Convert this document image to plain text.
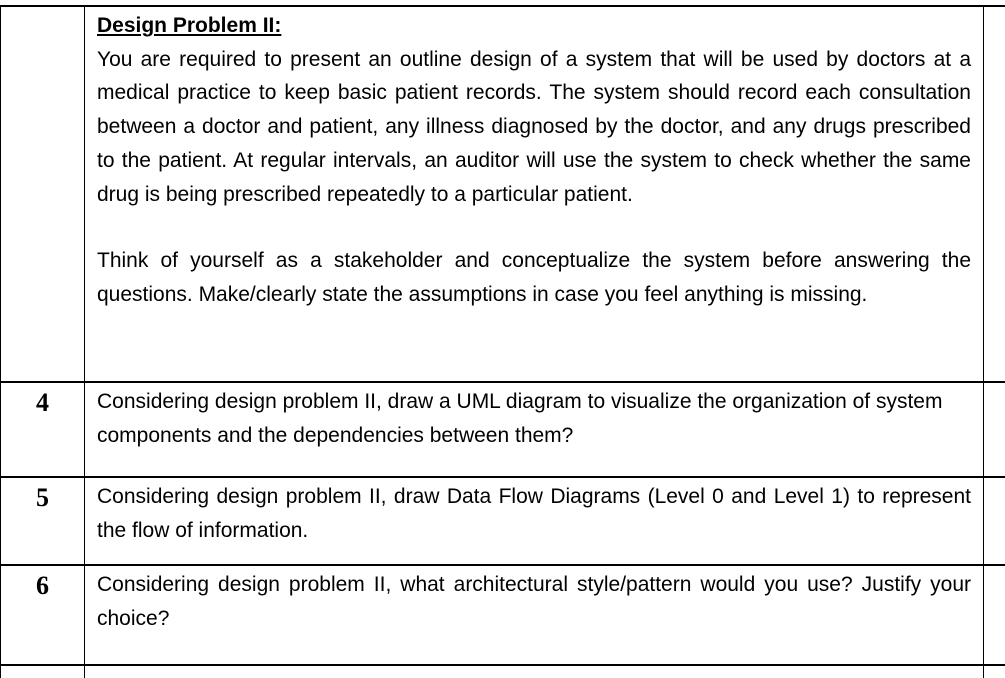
	Design Problem II:

You are required to present an outline design of a system that will be used by doctors at a medical practice to keep basic patient records. The system should record each consultation between a doctor and patient, any illness diagnosed by the doctor, and any drugs prescribed to the patient. At regular intervals, an auditor will use the system to check whether the same drug is being prescribed repeatedly to a particular patient.

Think of yourself as a stakeholder and conceptualize the system before answering the questions. Make/clearly state the assumptions in case you feel anything is missing.	

4	Considering design problem II, draw a UML diagram to visualize the organization of system components and the dependencies between them?	

5	Considering design problem II, draw Data Flow Diagrams (Level 0 and Level 1) to represent the flow of information.	

6	Considering design problem II, what architectural style/pattern would you use? Justify your choice?	
